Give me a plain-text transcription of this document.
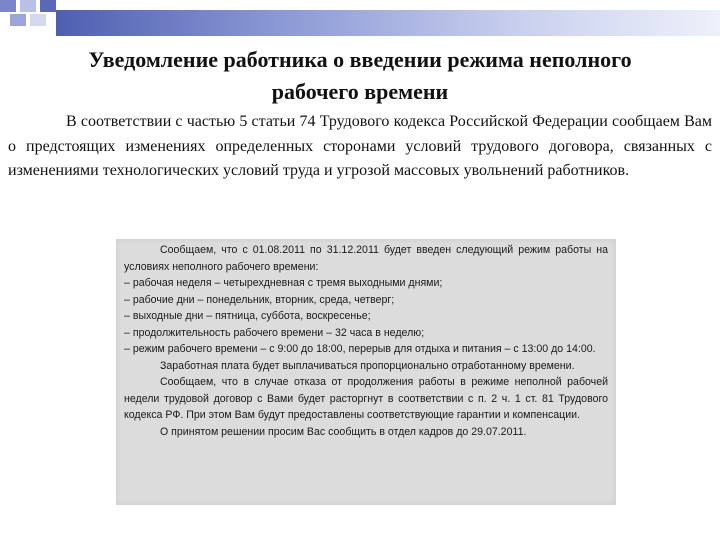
Уведомление работника о введении режима неполного
рабочего времени
В соответствии с частью 5 статьи 74 Трудового кодекса Российской Федерации сообщаем Вам о предстоящих изменениях определенных сторонами условий трудового договора, связанных с изменениями технологических условий труда и угрозой массовых увольнений работников.

Сообщаем, что с 01.08.2011 по 31.12.2011 будет введен следующий режим работы на условиях неполного рабочего времени:

– рабочая неделя – четырехдневная с тремя выходными днями;

– рабочие дни – понедельник, вторник, среда, четверг;

– выходные дни – пятница, суббота, воскресенье;

– продолжительность рабочего времени – 32 часа в неделю;

– режим рабочего времени – с 9:00 до 18:00, перерыв для отдыха и питания – с 13:00 до 14:00.

Заработная плата будет выплачиваться пропорционально отработанному времени.

Сообщаем, что в случае отказа от продолжения работы в режиме неполной рабочей недели трудовой договор с Вами будет расторгнут в соответствии с п. 2 ч. 1 ст. 81 Трудового кодекса РФ. При этом Вам будут предоставлены соответствующие гарантии и компенсации.

О принятом решении просим Вас сообщить в отдел кадров до 29.07.2011.
